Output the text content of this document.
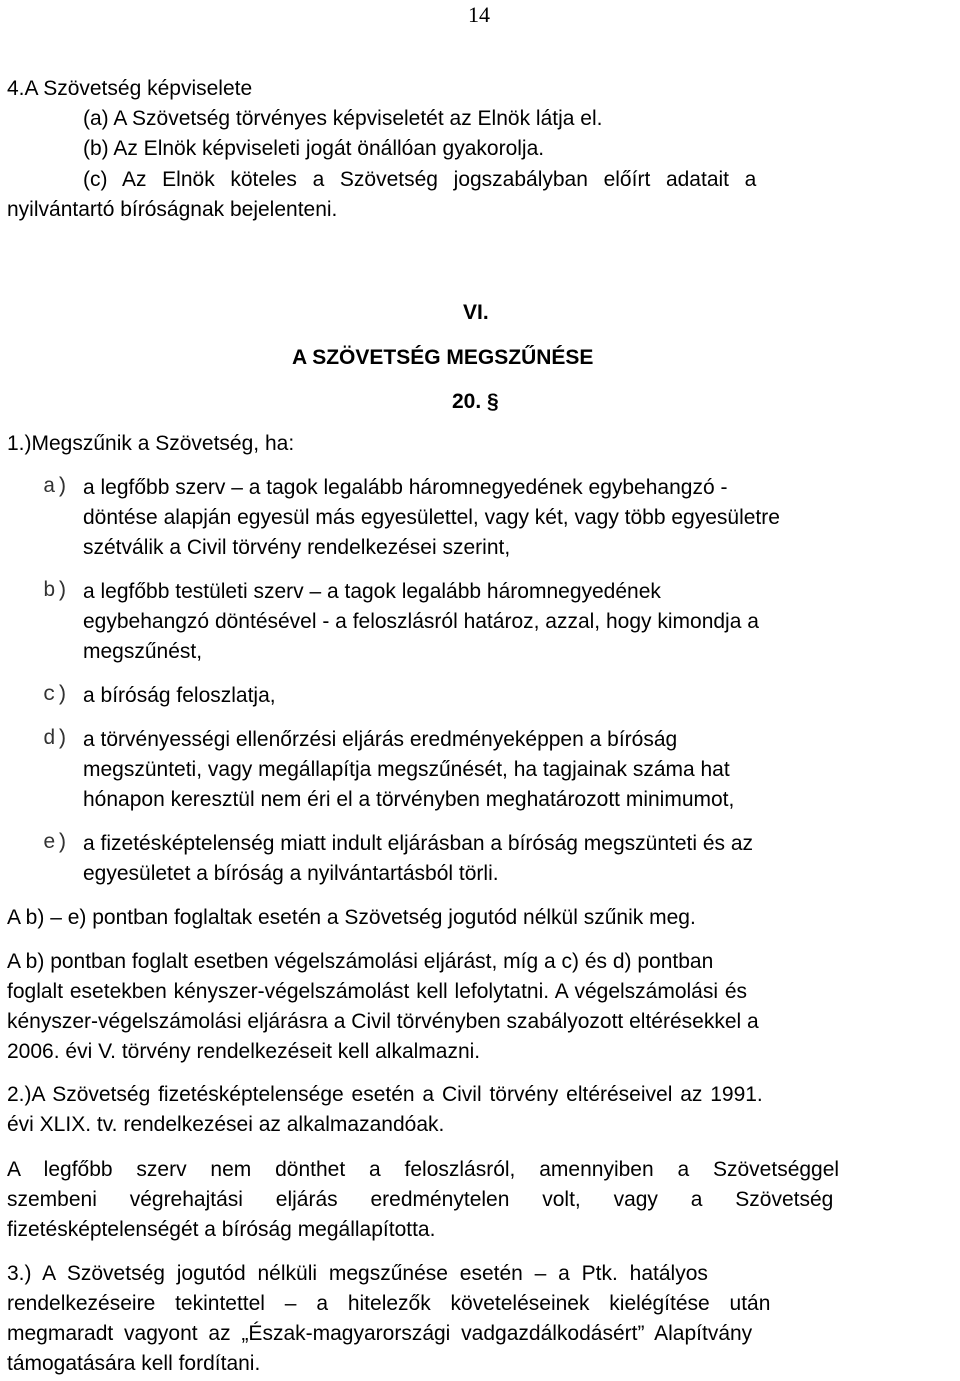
14
4.A Szövetség képviselete
(a) A Szövetség törvényes képviseletét az Elnök látja el.
(b) Az Elnök képviseleti jogát önállóan gyakorolja.
(c)  Az  Elnök  köteles  a  Szövetség  jogszabályban  előírt  adatait  a
nyilvántartó bíróságnak bejelenteni.
VI.
A SZÖVETSÉG MEGSZŰNÉSE
20. §
1.)Megszűnik a Szövetség, ha:
a) a legfőbb szerv – a tagok legalább háromnegyedének egybehangzó -
döntése alapján egyesül más egyesülettel, vagy két, vagy több egyesületre
szétválik a Civil törvény rendelkezései szerint,
b) a legfőbb testületi szerv – a tagok legalább háromnegyedének
egybehangzó döntésével - a feloszlásról határoz, azzal, hogy kimondja a
megszűnést,
c) a bíróság feloszlatja,
d) a törvényességi ellenőrzési eljárás eredményeképpen a bíróság
megszünteti, vagy megállapítja megszűnését, ha tagjainak száma hat
hónapon keresztül nem éri el a törvényben meghatározott minimumot,
e) a fizetésképtelenség miatt indult eljárásban a bíróság megszünteti és az
egyesületet a bíróság a nyilvántartásból törli.
A b) – e) pontban foglaltak esetén a Szövetség jogutód nélkül szűnik meg.
A b) pontban foglalt esetben végelszámolási eljárást, míg a c) és d) pontban
foglalt esetekben kényszer-végelszámolást kell lefolytatni. A végelszámolási és
kényszer-végelszámolási eljárásra a Civil törvényben szabályozott eltérésekkel a
2006. évi V. törvény rendelkezéseit kell alkalmazni.
2.)A Szövetség fizetésképtelensége esetén a Civil törvény eltéréseivel az 1991.
évi XLIX. tv. rendelkezései az alkalmazandóak.
A legfőbb szerv nem dönthet a feloszlásról, amennyiben a Szövetséggel
szembeni végrehajtási eljárás eredménytelen volt, vagy a Szövetség
fizetésképtelenségét a bíróság megállapította.
3.) A Szövetség jogutód nélküli megszűnése esetén – a Ptk. hatályos
rendelkezéseire tekintettel – a hitelezők követeléseinek kielégítése után
megmaradt vagyont az „Észak-magyarországi vadgazdálkodásért” Alapítvány
támogatására kell fordítani.
